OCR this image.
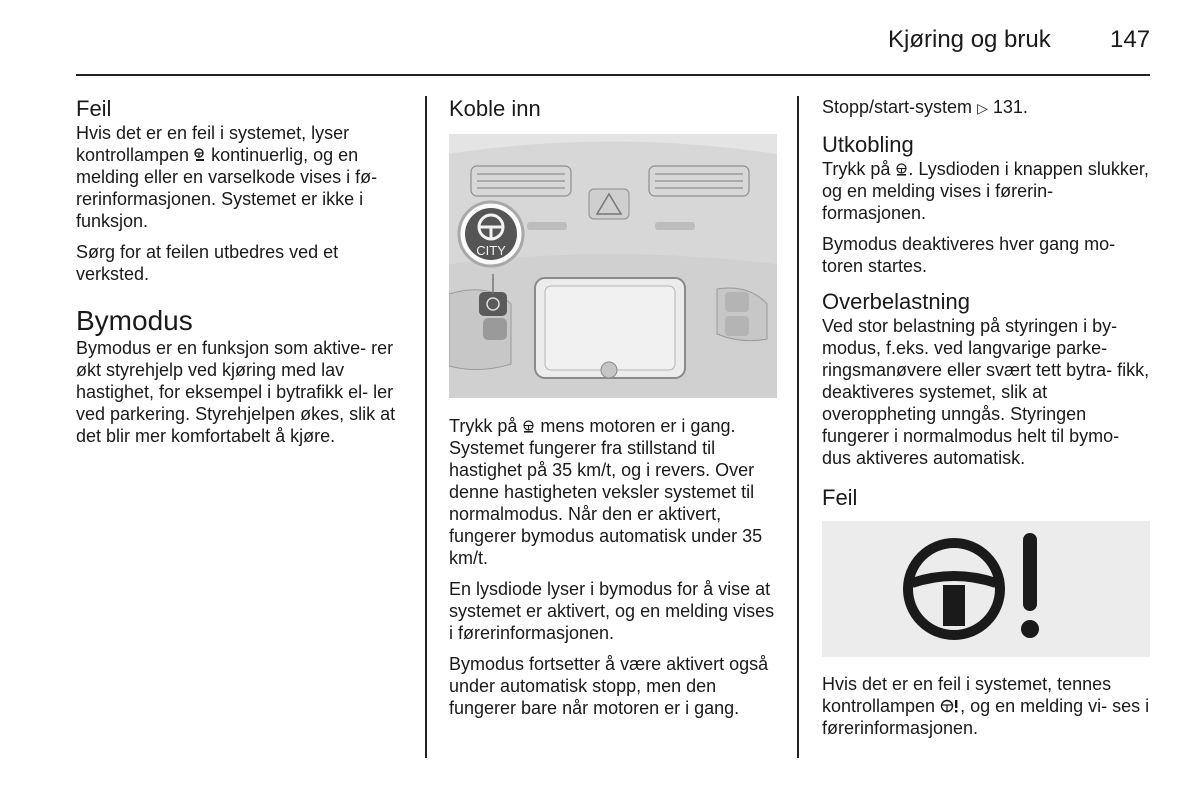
Kjøring og bruk 147
Feil

Hvis det er en feil i systemet, lyser kontrollampen kontinuerlig, og en melding eller en varselkode vises i fø- rerinformasjonen. Systemet er ikke i funksjon.

Sørg for at feilen utbedres ved et verksted.

Bymodus

Bymodus er en funksjon som aktive- rer økt styrehjelp ved kjøring med lav hastighet, for eksempel i bytrafikk el- ler ved parkering. Styrehjelpen økes, slik at det blir mer komfortabelt å kjøre.

Koble inn
CITY

Trykk på mens motoren er i gang. Systemet fungerer fra stillstand til hastighet på 35 km/t, og i revers. Over denne hastigheten veksler systemet til normalmodus. Når den er aktivert, fungerer bymodus automatisk under 35 km/t.

En lysdiode lyser i bymodus for å vise at systemet er aktivert, og en melding vises i førerinformasjonen.

Bymodus fortsetter å være aktivert også under automatisk stopp, men den fungerer bare når motoren er i gang.

Stopp/start-system ▷ 131.

Utkobling

Trykk på . Lysdioden i knappen slukker, og en melding vises i førerin- formasjonen.

Bymodus deaktiveres hver gang mo- toren startes.

Overbelastning

Ved stor belastning på styringen i by- modus, f.eks. ved langvarige parke- ringsmanøvere eller svært tett bytra- fikk, deaktiveres systemet, slik at overoppheting unngås. Styringen fungerer i normalmodus helt til bymo- dus aktiveres automatisk.

Feil

Hvis det er en feil i systemet, tennes kontrollampen , og en melding vi- ses i førerinformasjonen.
